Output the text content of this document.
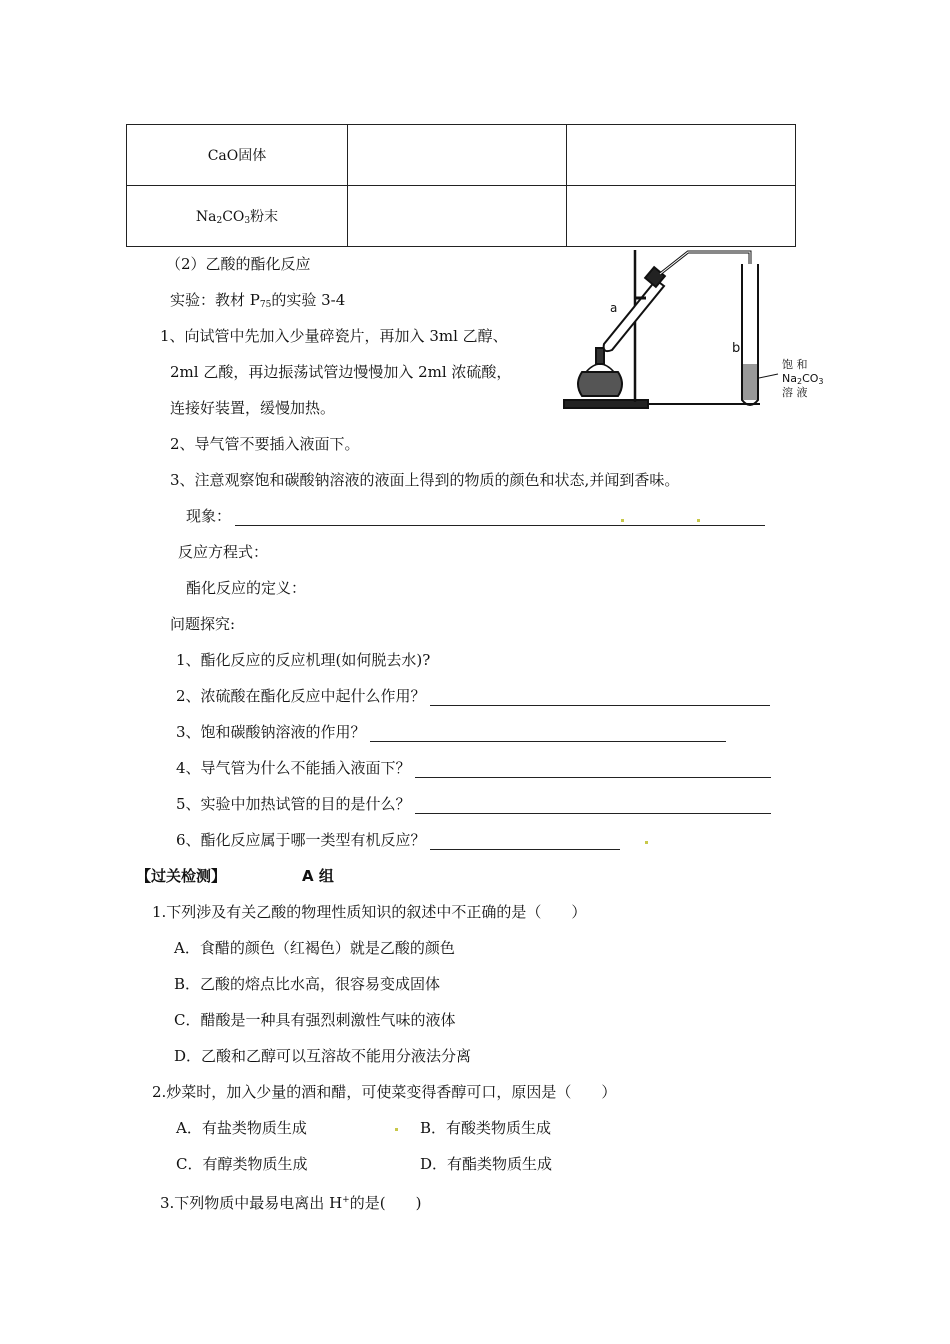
CaO固体		
$Na_2CO_3$粉末		
（2）乙酸的酯化反应
实验：教材 $P_{75}$的实验 3-4
1、向试管中先加入少量碎瓷片，再加入 3ml 乙醇、
2ml 乙酸，再边振荡试管边慢慢加入 2ml 浓硫酸，
连接好装置，缓慢加热。
2、导气管不要插入液面下。
3、注意观察饱和碳酸钠溶液的液面上得到的物质的颜色和状态,并闻到香味。
现象：
反应方程式：
酯化反应的定义：
问题探究:
1、酯化反应的反应机理(如何脱去水)?
2、浓硫酸在酯化反应中起什么作用？
3、饱和碳酸钠溶液的作用？
4、导气管为什么不能插入液面下？
5、实验中加热试管的目的是什么？
6、酯化反应属于哪一类型有机反应？
【过关检测】	A 组
1.下列涉及有关乙酸的物理性质知识的叙述中不正确的是（　　）
A．食醋的颜色（红褐色）就是乙酸的颜色
B．乙酸的熔点比水高，很容易变成固体
C．醋酸是一种具有强烈刺激性气味的液体
D．乙酸和乙醇可以互溶故不能用分液法分离
2.炒菜时，加入少量的酒和醋，可使菜变得香醇可口，原因是（　　）
A．有盐类物质生成	B．有酸类物质生成
C．有醇类物质生成	D．有酯类物质生成
3.下列物质中最易电离出 H+的是(　　)
a
b
饱 和
Na2CO3
溶 液
